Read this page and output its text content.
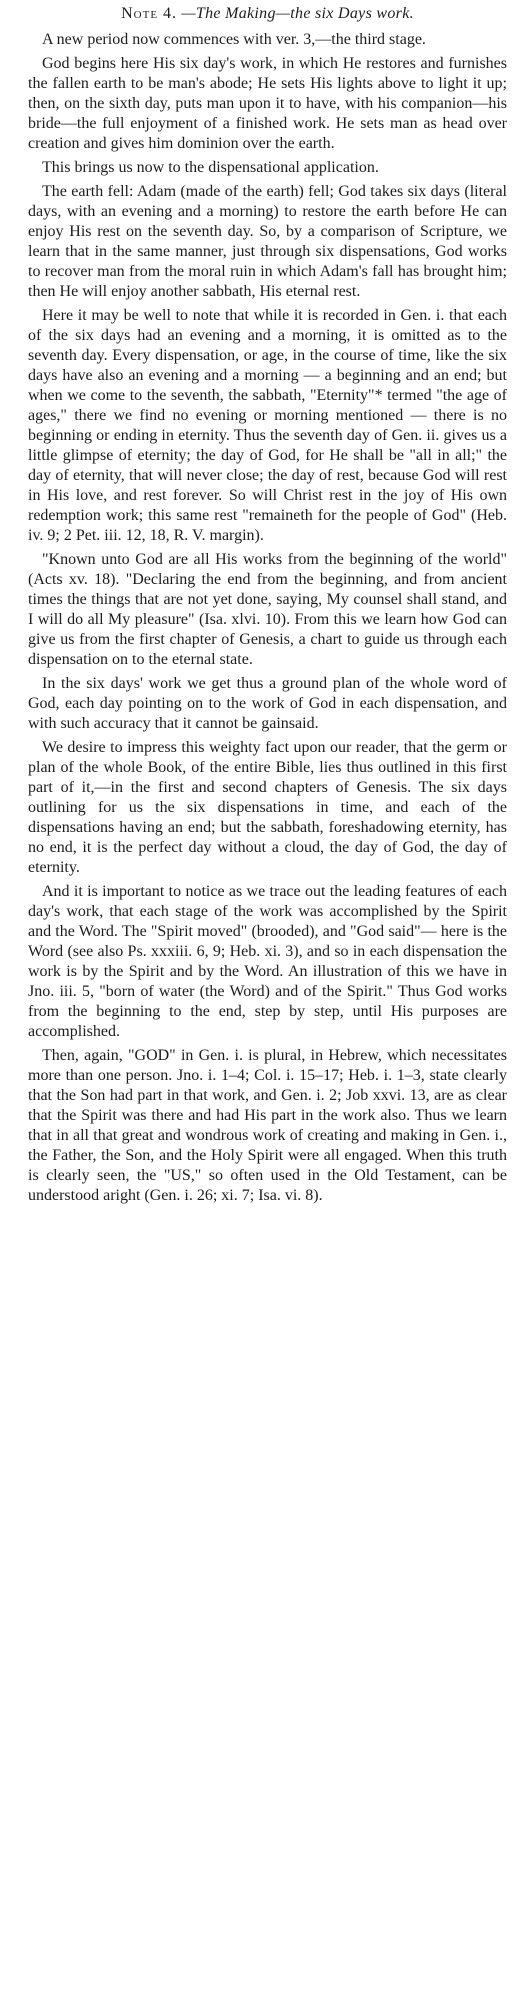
Note 4. —The Making—the six Days work.

A new period now commences with ver. 3,—the third stage.

God begins here His six day's work, in which He restores and furnishes the fallen earth to be man's abode; He sets His lights above to light it up; then, on the sixth day, puts man upon it to have, with his companion—his bride—the full enjoyment of a finished work. He sets man as head over creation and gives him dominion over the earth.

This brings us now to the dispensational application.

The earth fell: Adam (made of the earth) fell; God takes six days (literal days, with an evening and a morning) to restore the earth before He can enjoy His rest on the seventh day. So, by a comparison of Scripture, we learn that in the same manner, just through six dispensations, God works to recover man from the moral ruin in which Adam's fall has brought him; then He will enjoy another sabbath, His eternal rest.

Here it may be well to note that while it is recorded in Gen. i. that each of the six days had an evening and a morning, it is omitted as to the seventh day. Every dispensation, or age, in the course of time, like the six days have also an evening and a morning — a beginning and an end; but when we come to the seventh, the sabbath, "Eternity"* termed "the age of ages," there we find no evening or morning mentioned — there is no beginning or ending in eternity. Thus the seventh day of Gen. ii. gives us a little glimpse of eternity; the day of God, for He shall be "all in all;" the day of eternity, that will never close; the day of rest, because God will rest in His love, and rest forever. So will Christ rest in the joy of His own redemption work; this same rest "remaineth for the people of God" (Heb. iv. 9; 2 Pet. iii. 12, 18, R. V. margin).

"Known unto God are all His works from the beginning of the world" (Acts xv. 18). "Declaring the end from the beginning, and from ancient times the things that are not yet done, saying, My counsel shall stand, and I will do all My pleasure" (Isa. xlvi. 10). From this we learn how God can give us from the first chapter of Genesis, a chart to guide us through each dispensation on to the eternal state.

In the six days' work we get thus a ground plan of the whole word of God, each day pointing on to the work of God in each dispensation, and with such accuracy that it cannot be gainsaid.

We desire to impress this weighty fact upon our reader, that the germ or plan of the whole Book, of the entire Bible, lies thus outlined in this first part of it,—in the first and second chapters of Genesis. The six days outlining for us the six dispensations in time, and each of the dispensations having an end; but the sabbath, foreshadowing eternity, has no end, it is the perfect day without a cloud, the day of God, the day of eternity.

And it is important to notice as we trace out the leading features of each day's work, that each stage of the work was accomplished by the Spirit and the Word. The "Spirit moved" (brooded), and "God said"— here is the Word (see also Ps. xxxiii. 6, 9; Heb. xi. 3), and so in each dispensation the work is by the Spirit and by the Word. An illustration of this we have in Jno. iii. 5, "born of water (the Word) and of the Spirit." Thus God works from the beginning to the end, step by step, until His purposes are accomplished.

Then, again, "GOD" in Gen. i. is plural, in Hebrew, which necessitates more than one person. Jno. i. 1–4; Col. i. 15–17; Heb. i. 1–3, state clearly that the Son had part in that work, and Gen. i. 2; Job xxvi. 13, are as clear that the Spirit was there and had His part in the work also. Thus we learn that in all that great and wondrous work of creating and making in Gen. i., the Father, the Son, and the Holy Spirit were all engaged. When this truth is clearly seen, the "US," so often used in the Old Testament, can be understood aright (Gen. i. 26; xi. 7; Isa. vi. 8).
